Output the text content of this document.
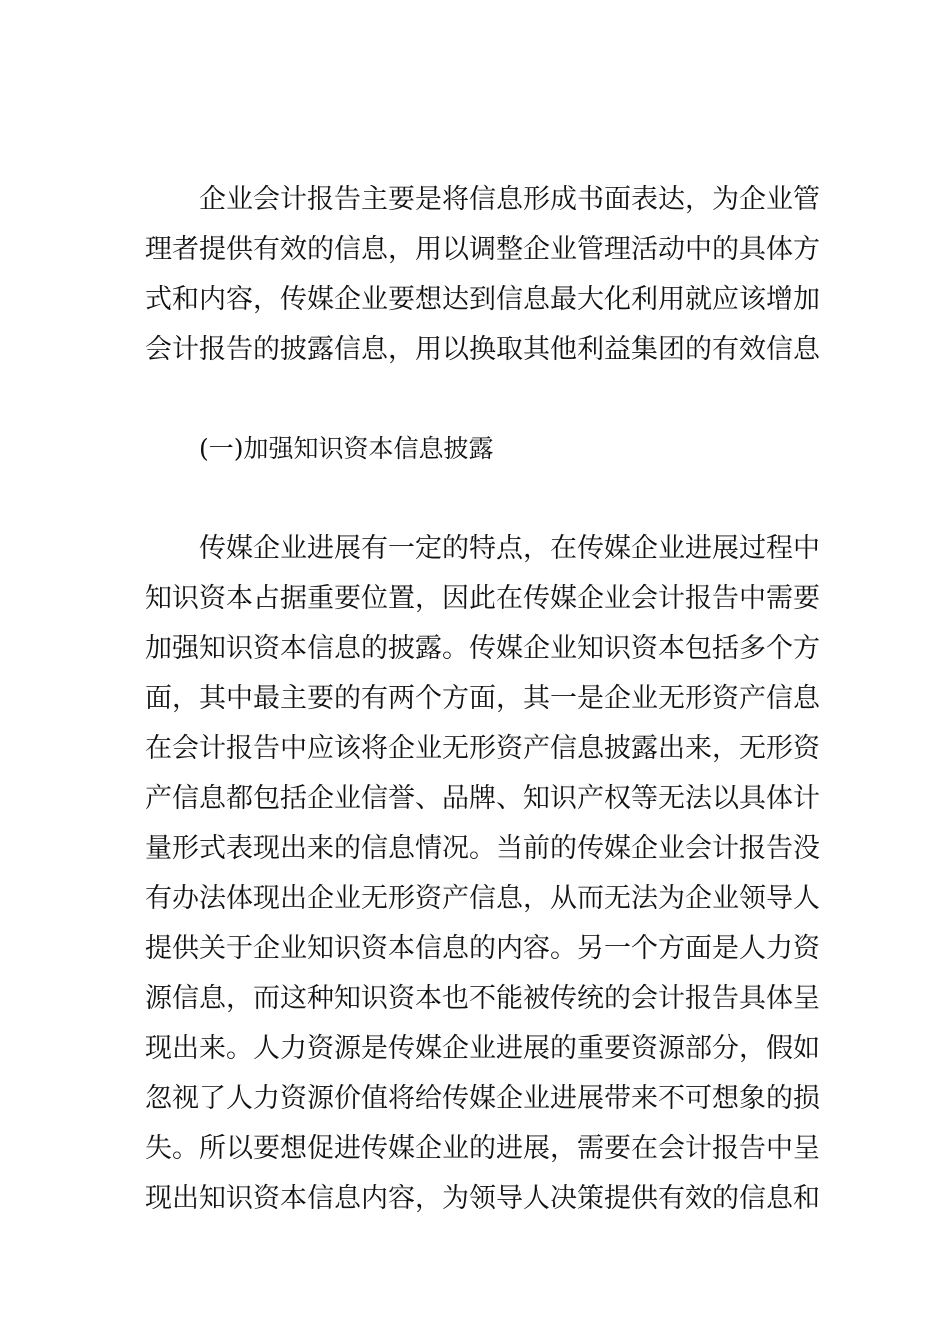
企业会计报告主要是将信息形成书面表达，为企业管
理者提供有效的信息，用以调整企业管理活动中的具体方
式和内容，传媒企业要想达到信息最大化利用就应该增加
会计报告的披露信息，用以换取其他利益集团的有效信息
(一)加强知识资本信息披露
传媒企业进展有一定的特点，在传媒企业进展过程中
知识资本占据重要位置，因此在传媒企业会计报告中需要
加强知识资本信息的披露。传媒企业知识资本包括多个方
面，其中最主要的有两个方面，其一是企业无形资产信息
在会计报告中应该将企业无形资产信息披露出来，无形资
产信息都包括企业信誉、品牌、知识产权等无法以具体计
量形式表现出来的信息情况。当前的传媒企业会计报告没
有办法体现出企业无形资产信息，从而无法为企业领导人
提供关于企业知识资本信息的内容。另一个方面是人力资
源信息，而这种知识资本也不能被传统的会计报告具体呈
现出来。人力资源是传媒企业进展的重要资源部分，假如
忽视了人力资源价值将给传媒企业进展带来不可想象的损
失。所以要想促进传媒企业的进展，需要在会计报告中呈
现出知识资本信息内容，为领导人决策提供有效的信息和
